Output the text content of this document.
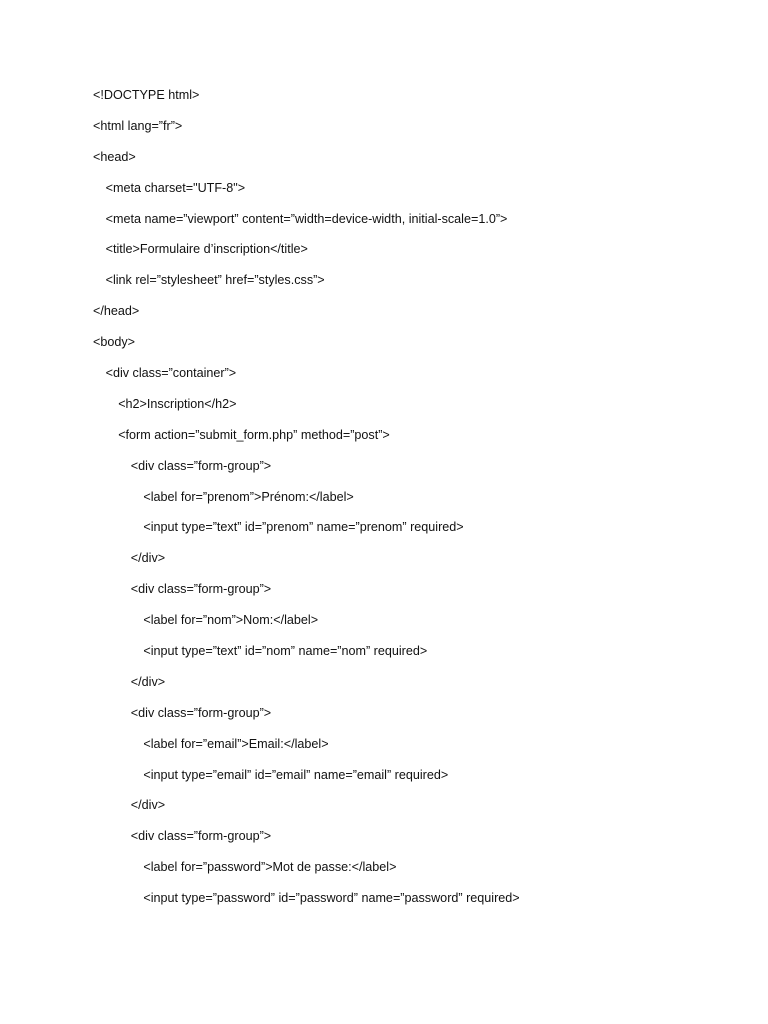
<!DOCTYPE html>
<html lang=”fr”>
<head>
<meta charset="UTF-8">
<meta name=”viewport” content=”width=device-width, initial-scale=1.0”>
<title>Formulaire d’inscription</title>
<link rel=”stylesheet” href=”styles.css”>
</head>
<body>
<div class=”container”>
<h2>Inscription</h2>
<form action=”submit_form.php” method=”post”>
<div class=”form-group”>
<label for=”prenom”>Prénom:</label>
<input type=”text” id=”prenom” name=”prenom” required>
</div>
<div class=”form-group”>
<label for=”nom”>Nom:</label>
<input type=”text” id=”nom” name=”nom” required>
</div>
<div class=”form-group”>
<label for=”email”>Email:</label>
<input type=”email” id=”email” name=”email” required>
</div>
<div class=”form-group”>
<label for=”password”>Mot de passe:</label>
<input type=”password” id=”password” name=”password” required>
